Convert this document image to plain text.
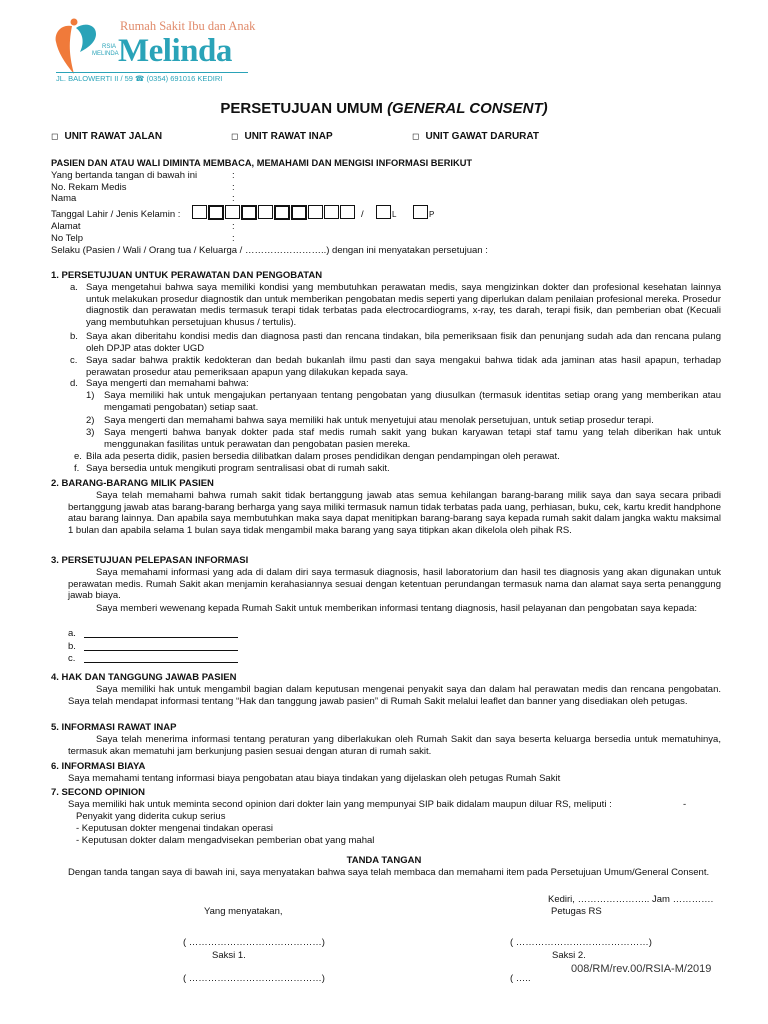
Rumah Sakit Ibu dan Anak
RSIA
MELINDA Melinda
JL. BALOWERTI II / 59 ☎ (0354) 691016 KEDIRI
PERSETUJUAN UMUM (GENERAL CONSENT)
◻ UNIT RAWAT JALAN	◻ UNIT RAWAT INAP	◻ UNIT GAWAT DARURAT
PASIEN DAN ATAU WALI DIMINTA MEMBACA, MEMAHAMI DAN MENGISI INFORMASI BERIKUT
Yang bertanda tangan di bawah ini	:
No. Rekam Medis	:
Nama	:
Tanggal Lahir / Jenis Kelamin :	/	L	P
Alamat	:
No Telp	:
Selaku (Pasien / Wali / Orang tua / Keluarga / ……………………..) dengan ini menyatakan persetujuan :
1. PERSETUJUAN UNTUK PERAWATAN DAN PENGOBATAN
a. Saya mengetahui bahwa saya memiliki kondisi yang membutuhkan perawatan medis, saya mengizinkan dokter dan profesional kesehatan lainnya untuk melakukan prosedur diagnostik dan untuk memberikan pengobatan medis seperti yang diperlukan dalam penilaian profesional mereka. Prosedur diagnostik dan perawatan medis termasuk terapi tidak terbatas pada electrocardiograms, x-ray, tes darah, terapi fisik, dan pemberian obat (Kecuali yang membutuhkan persetujuan khusus / tertulis).
b. Saya akan diberitahu kondisi medis dan diagnosa pasti dan rencana tindakan, bila pemeriksaan fisik dan penunjang sudah ada dan rencana pulang oleh DPJP atas dokter UGD
c. Saya sadar bahwa praktik kedokteran dan bedah bukanlah ilmu pasti dan saya mengakui bahwa tidak ada jaminan atas hasil apapun, terhadap perawatan prosedur atau pemeriksaan apapun yang dilakukan kepada saya.
d. Saya mengerti dan memahami bahwa:
1) Saya memiliki hak untuk mengajukan pertanyaan tentang pengobatan yang diusulkan (termasuk identitas setiap orang yang memberikan atau mengamati pengobatan) setiap saat.
2) Saya mengerti dan memahami bahwa saya memiliki hak untuk menyetujui atau menolak persetujuan, untuk setiap prosedur terapi.
3) Saya mengerti bahwa banyak dokter pada staf medis rumah sakit yang bukan karyawan tetapi staf tamu yang telah diberikan hak untuk menggunakan fasilitas untuk perawatan dan pengobatan pasien mereka.
e. Bila ada peserta didik, pasien bersedia dilibatkan dalam proses pendidikan dengan pendampingan oleh perawat.
f. Saya bersedia untuk mengikuti program sentralisasi obat di rumah sakit.
2. BARANG-BARANG MILIK PASIEN
Saya telah memahami bahwa rumah sakit tidak bertanggung jawab atas semua kehilangan barang-barang milik saya dan saya secara pribadi bertanggung jawab atas barang-barang berharga yang saya miliki termasuk namun tidak terbatas pada uang, perhiasan, buku, cek, kartu kredit handphone atau barang lainnya. Dan apabila saya membutuhkan maka saya dapat menitipkan barang-barang saya kepada rumah sakit dalam jangka waktu maksimal 1 bulan dan apabila selama 1 bulan saya tidak mengambil maka barang yang saya titipkan akan dikelola oleh pihak RS.
3. PERSETUJUAN PELEPASAN INFORMASI
Saya memahami informasi yang ada di dalam diri saya termasuk diagnosis, hasil laboratorium dan hasil tes diagnosis yang akan digunakan untuk perawatan medis. Rumah Sakit akan menjamin kerahasiannya sesuai dengan ketentuan perundangan termasuk nama dan alamat saya serta penanggung jawab biaya.
Saya memberi wewenang kepada Rumah Sakit untuk memberikan informasi tentang diagnosis, hasil pelayanan dan pengobatan saya kepada:
a.
b.
c.
4. HAK DAN TANGGUNG JAWAB PASIEN
Saya memiliki hak untuk mengambil bagian dalam keputusan mengenai penyakit saya dan dalam hal perawatan medis dan rencana pengobatan. Saya telah mendapat informasi tentang “Hak dan tanggung jawab pasien” di Rumah Sakit melalui leaflet dan banner yang disediakan oleh petugas.
5. INFORMASI RAWAT INAP
Saya telah menerima informasi tentang peraturan yang diberlakukan oleh Rumah Sakit dan saya beserta keluarga bersedia untuk mematuhinya, termasuk akan mematuhi jam berkunjung pasien sesuai dengan aturan di rumah sakit.
6. INFORMASI BIAYA
Saya memahami tentang informasi biaya pengobatan atau biaya tindakan yang dijelaskan oleh petugas Rumah Sakit
7. SECOND OPINION
Saya memiliki hak untuk meminta second opinion dari dokter lain yang mempunyai SIP baik didalam maupun diluar RS, meliputi :	-
Penyakit yang diderita cukup serius
- Keputusan dokter mengenai tindakan operasi
- Keputusan dokter dalam mengadvisekan pemberian obat yang mahal
TANDA TANGAN
Dengan tanda tangan saya di bawah ini, saya menyatakan bahwa saya telah membaca dan memahami item pada Persetujuan Umum/General Consent.
Kediri, ………………….. Jam ………….
Yang menyatakan,	Petugas RS
( ……………………………………)	( ……………………………………)
Saksi 1.	Saksi 2.
008/RM/rev.00/RSIA-M/2019
( ……………………………………)	( …..
